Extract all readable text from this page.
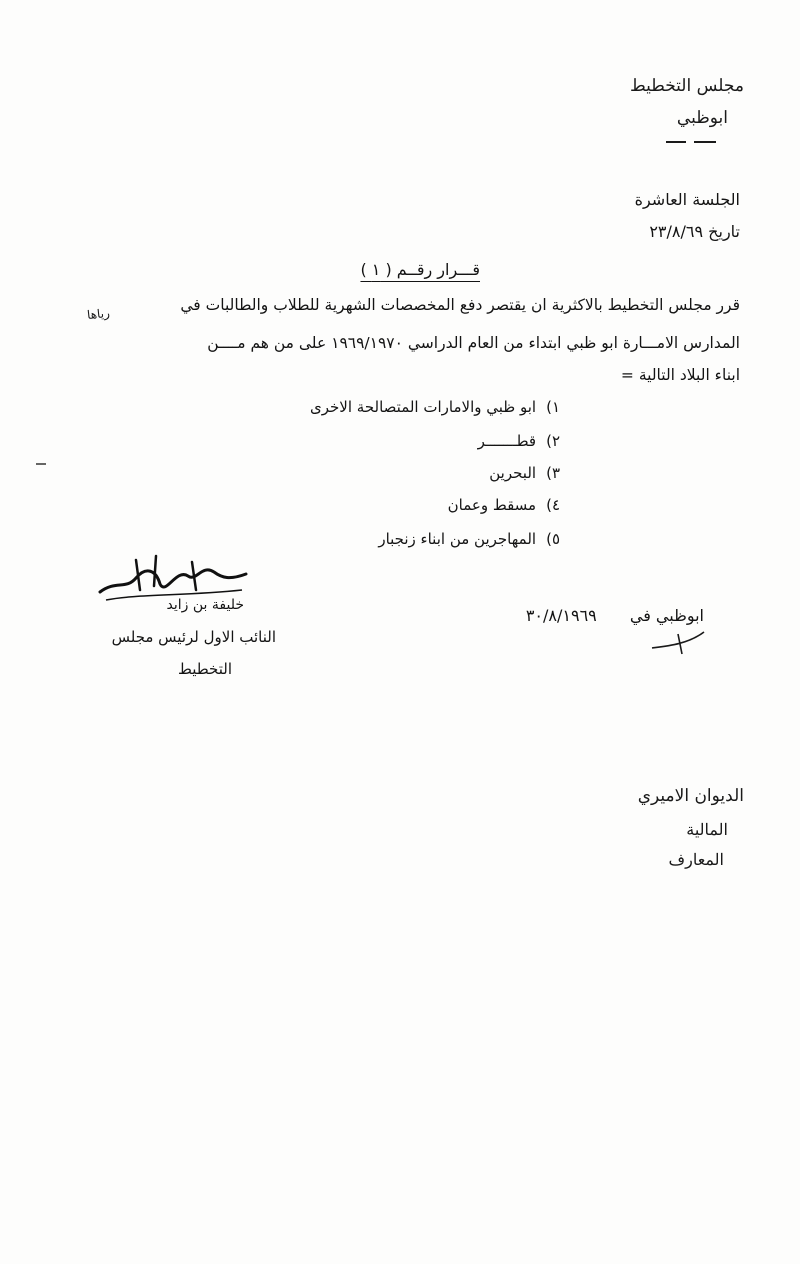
مجلس التخطيط
ابوظبي
الجلسة العاشرة
تاريخ ٢٣/٨/٦٩
قـــرار رقــم ( ١ )
رياها	قرر مجلس التخطيط بالاكثرية ان يقتصر دفع المخصصات الشهرية للطلاب والطالبات في
المدارس الامـــارة ابو ظبي ابتداء من العام الدراسي ١٩٦٩/١٩٧٠ على من هم مــــن
ابناء البلاد التالية =
١)ابو ظبي والامارات المتصالحة الاخرى
٢)قطـــــــر
٣)البحرين
٤)مسقط وعمان
٥)المهاجرين من ابناء زنجبار
خليفة بن زايد
النائب الاول لرئيس مجلس
التخطيط
ابوظبي في ٣٠/٨/١٩٦٩
الديوان الاميري
المالية
المعارف
